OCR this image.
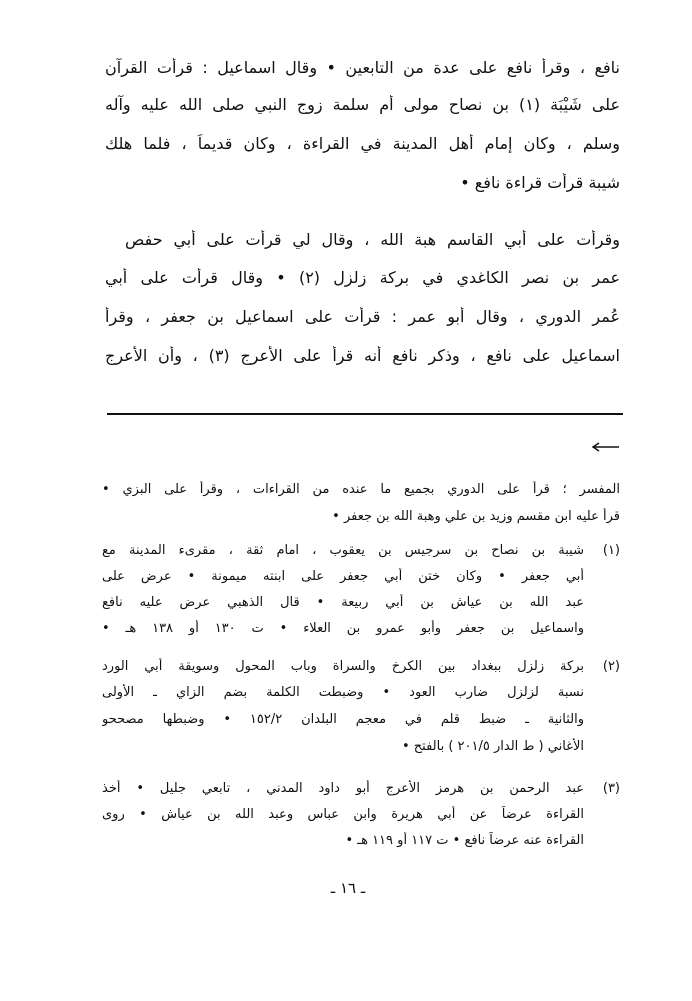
نافع ، وقرأ نافع على عدة من التابعين • وقال اسماعيل : قرأت القرآن
على شَيْبَة (١) بن نصاح مولى أم سلمة زوج النبي صلى الله عليه وآله
وسلم ، وكان إمام أهل المدينة في القراءة ، وكان قديماً ، فلما هلك
شيبة قرأت قراءة نافع •
وقرأت على أبي القاسم هبة الله ، وقال لي قرأت على أبي حفص
عمر بن نصر الكاغدي في بركة زلزل (٢) • وقال قرأت على أبي
عُمر الدوري ، وقال أبو عمر : قرأت على اسماعيل بن جعفر ، وقرأ
اسماعيل على نافع ، وذكر نافع أنه قرأ على الأعرج (٣) ، وأن الأعرج
المفسر ؛ قرأ على الدوري بجميع ما عنده من القراءات ، وقرأ على البزي •
قرأ عليه ابن مقسم وزيد بن علي وهبة الله بن جعفر •
(١)
شيبة بن نصاح بن سرجيس بن يعقوب ، امام ثقة ، مقرىء المدينة مع
أبي جعفر • وكان ختن أبي جعفر على ابنته ميمونة • عرض على
عبد الله بن عياش بن أبي ربيعة • قال الذهبي عرض عليه نافع
واسماعيل بن جعفر وأبو عمرو بن العلاء • ت ١٣٠ أو ١٣٨ هـ •
(٢)
بركة زلزل ببغداد بين الكرخ والسراة وباب المحول وسويقة أبي الورد
نسبة لزلزل ضارب العود • وضبطت الكلمة بضم الزاي ـ الأولى
والثانية ـ ضبط قلم في معجم البلدان ١٥٢/٢ • وضبطها مصححو
الأغاني ( ط الدار ٢٠١/٥ ) بالفتح •
(٣)
عبد الرحمن بن هرمز الأعرج أبو داود المدني ، تابعي جليل • أخذ
القراءة عرضاً عن أبي هريرة وابن عباس وعبد الله بن عياش • روى
القراءة عنه عرضاً نافع • ت ١١٧ أو ١١٩ هـ •
ـ ١٦ ـ
